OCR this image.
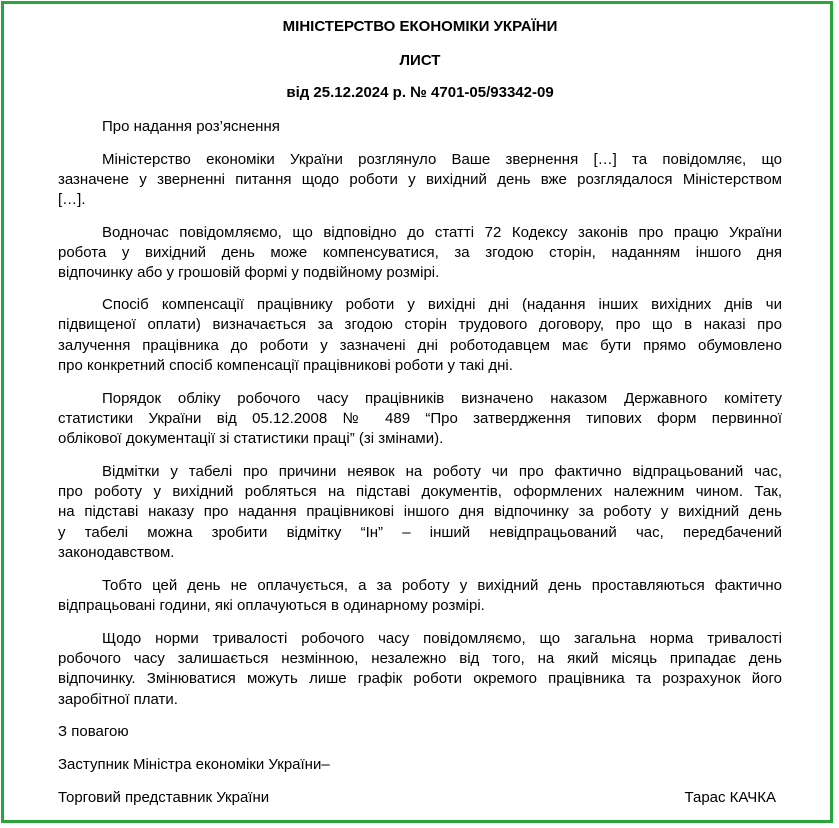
МІНІСТЕРСТВО ЕКОНОМІКИ УКРАЇНИ
ЛИСТ
від 25.12.2024 р. № 4701-05/93342-09
Про надання роз’яснення
Міністерство економіки України розглянуло Ваше звернення […] та повідомляє, що
зазначене у зверненні питання щодо роботи у вихідний день вже розглядалося Міністерством
[…].
Водночас повідомляємо, що відповідно до статті 72 Кодексу законів про працю України
робота у вихідний день може компенсуватися, за згодою сторін, наданням іншого дня
відпочинку або у грошовій формі у подвійному розмірі.
Спосіб компенсації працівнику роботи у вихідні дні (надання інших вихідних днів чи
підвищеної оплати) визначається за згодою сторін трудового договору, про що в наказі про
залучення працівника до роботи у зазначені дні роботодавцем має бути прямо обумовлено
про конкретний спосіб компенсації працівникові роботи у такі дні.
Порядок обліку робочого часу працівників визначено наказом Державного комітету
статистики України від 05.12.2008 № 489 “Про затвердження типових форм первинної
облікової документації зі статистики праці” (зі змінами).
Відмітки у табелі про причини неявок на роботу чи про фактично відпрацьований час,
про роботу у вихідний робляться на підставі документів, оформлених належним чином. Так,
на підставі наказу про надання працівникові іншого дня відпочинку за роботу у вихідний день
у табелі можна зробити відмітку “Ін” – інший невідпрацьований час, передбачений
законодавством.
Тобто цей день не оплачується, а за роботу у вихідний день проставляються фактично
відпрацьовані години, які оплачуються в одинарному розмірі.
Щодо норми тривалості робочого часу повідомляємо, що загальна норма тривалості
робочого часу залишається незмінною, незалежно від того, на який місяць припадає день
відпочинку. Змінюватися можуть лише графік роботи окремого працівника та розрахунок його
заробітної плати.
З повагою
Заступник Міністра економіки України–
Торговий представник України	Тарас КАЧКА
